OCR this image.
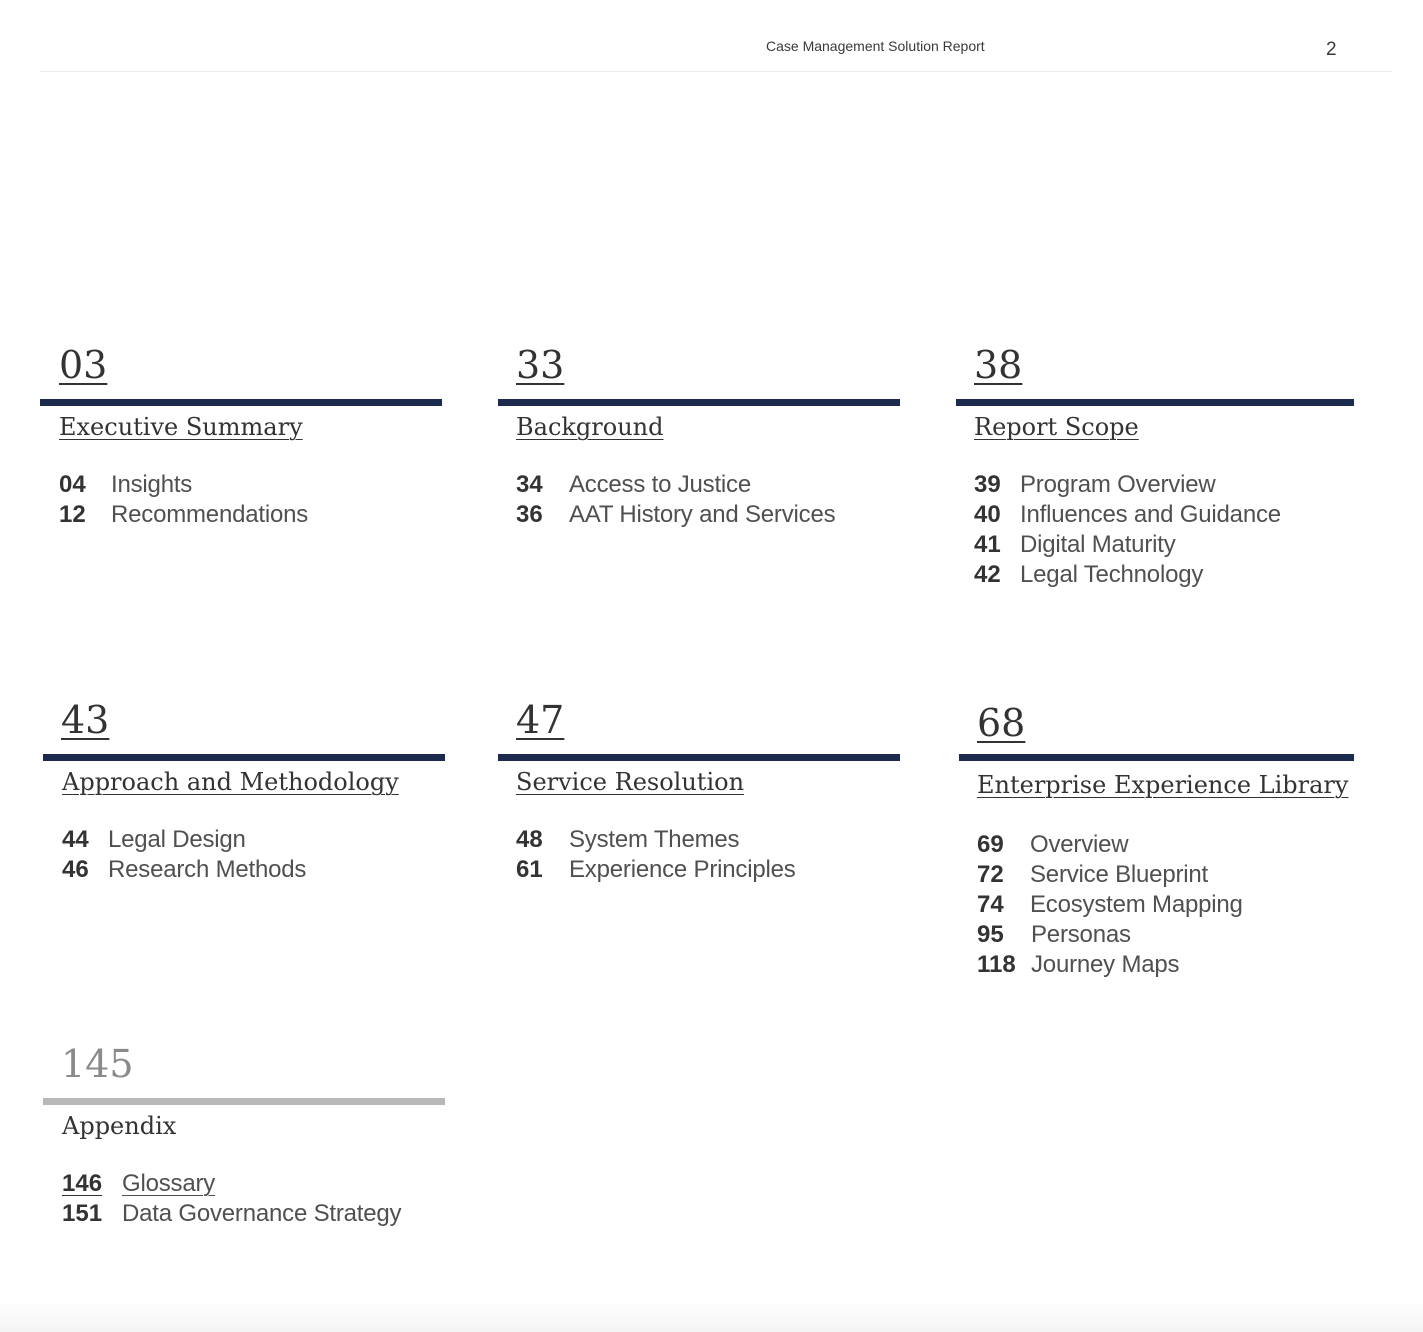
Case Management Solution Report	2
03
Executive Summary
04 Insights
12 Recommendations
33
Background
34 Access to Justice
36 AAT History and Services
38
Report Scope
39 Program Overview
40 Influences and Guidance
41 Digital Maturity
42 Legal Technology
43
Approach and Methodology
44 Legal Design
46 Research Methods
47
Service Resolution
48 System Themes
61 Experience Principles
68
Enterprise Experience Library
69 Overview
72 Service Blueprint
74 Ecosystem Mapping
95 Personas
118 Journey Maps
145
Appendix
146 Glossary
151 Data Governance Strategy
